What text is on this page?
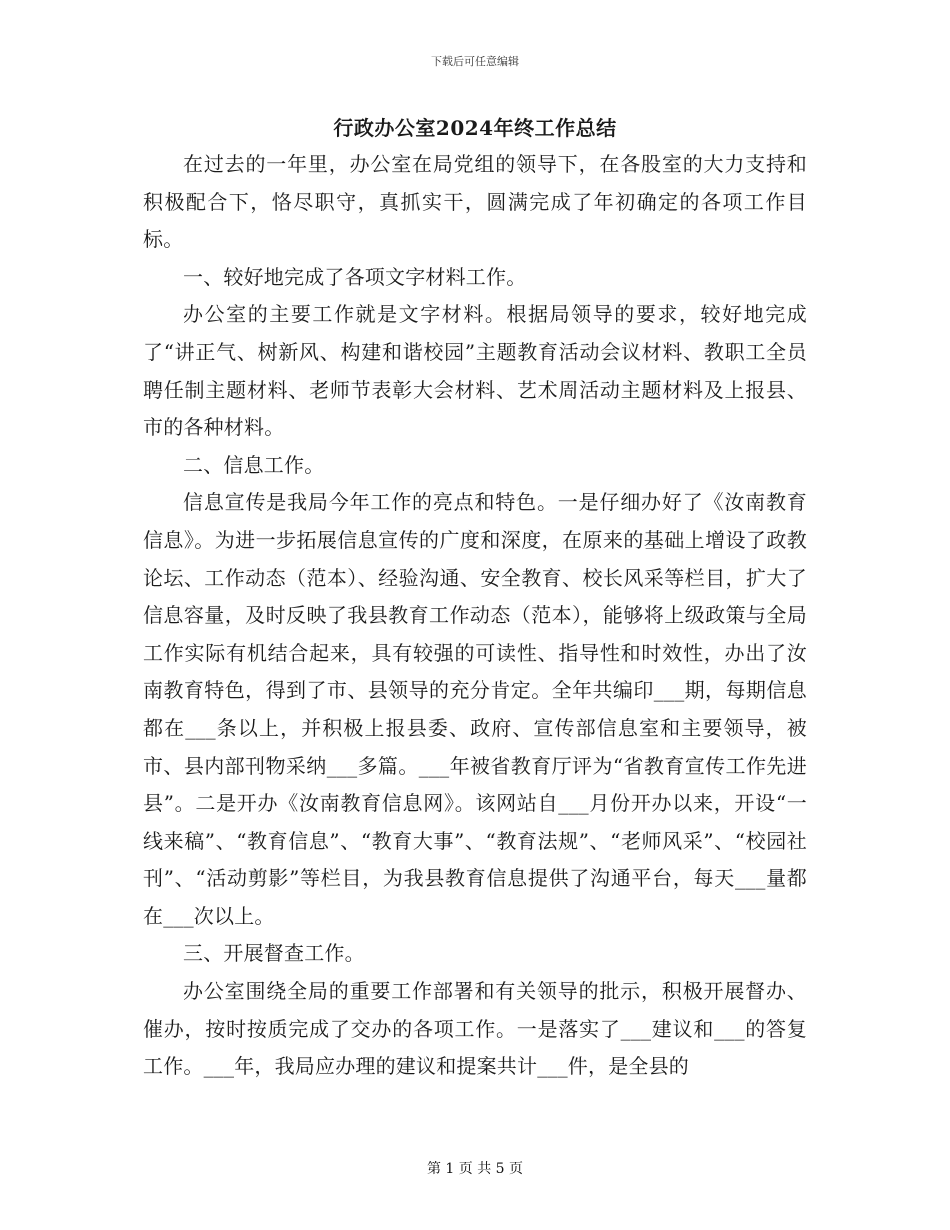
下载后可任意编辑
行政办公室2024年终工作总结

在过去的一年里，办公室在局党组的领导下，在各股室的大力支持和积极配合下，恪尽职守，真抓实干，圆满完成了年初确定的各项工作目标。

一、较好地完成了各项文字材料工作。

办公室的主要工作就是文字材料。根据局领导的要求，较好地完成了“讲正气、树新风、构建和谐校园”主题教育活动会议材料、教职工全员聘任制主题材料、老师节表彰大会材料、艺术周活动主题材料及上报县、市的各种材料。

二、信息工作。

信息宣传是我局今年工作的亮点和特色。一是仔细办好了《汝南教育信息》。为进一步拓展信息宣传的广度和深度，在原来的基础上增设了政教论坛、工作动态（范本）、经验沟通、安全教育、校长风采等栏目，扩大了信息容量，及时反映了我县教育工作动态（范本），能够将上级政策与全局工作实际有机结合起来，具有较强的可读性、指导性和时效性，办出了汝南教育特色，得到了市、县领导的充分肯定。全年共编印___期，每期信息都在___条以上，并积极上报县委、政府、宣传部信息室和主要领导，被市、县内部刊物采纳___多篇。___年被省教育厅评为“省教育宣传工作先进县”。二是开办《汝南教育信息网》。该网站自___月份开办以来，开设“一线来稿”、“教育信息”、“教育大事”、“教育法规”、“老师风采”、“校园社刊”、“活动剪影”等栏目，为我县教育信息提供了沟通平台，每天___量都在___次以上。

三、开展督查工作。

办公室围绕全局的重要工作部署和有关领导的批示，积极开展督办、催办，按时按质完成了交办的各项工作。一是落实了___建议和___的答复工作。___年，我局应办理的建议和提案共计___件，是全县的

第 1 页 共 5 页
